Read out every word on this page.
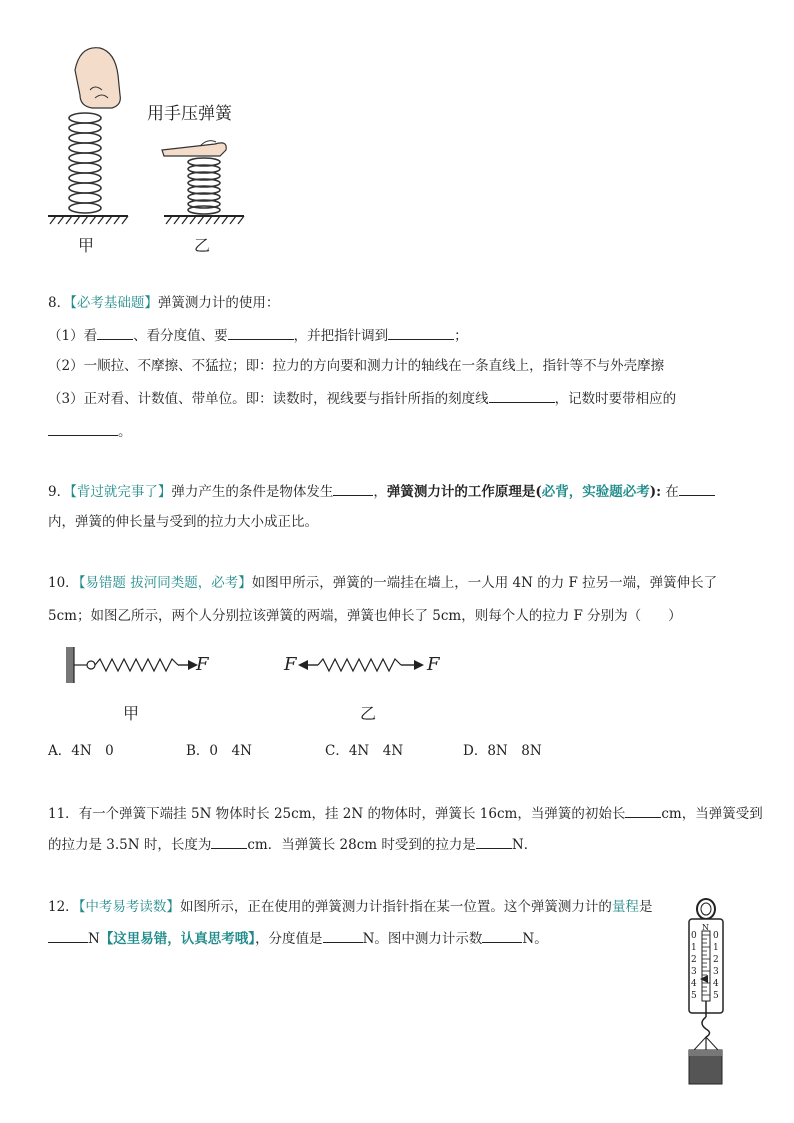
用手压弹簧
甲	乙
8．【必考基础题】弹簧测力计的使用：
（1）看	、看分度值、要	，并把指针调到	；
（2）一顺拉、不摩擦、不猛拉；即：拉力的方向要和测力计的轴线在一条直线上，指针等不与外壳摩擦
（3）正对看、计数值、带单位。即：读数时，视线要与指针所指的刻度线	，记数时要带相应的
。
9．【背过就完事了】弹力产生的条件是物体发生	，弹簧测力计的工作原理是(必背，实验题必考): 在
内，弹簧的伸长量与受到的拉力大小成正比。
10．【易错题 拔河同类题，必考】如图甲所示，弹簧的一端挂在墙上，一人用 4N 的力 F 拉另一端，弹簧伸长了
5cm；如图乙所示，两个人分别拉该弹簧的两端，弹簧也伸长了 5cm，则每个人的拉力 F 分别为（　　）
F	F	F
甲	乙
A．4N　0	B．0　4N	C．4N　4N	D．8N　8N
11．有一个弹簧下端挂 5N 物体时长 25cm，挂 2N 的物体时，弹簧长 16cm，当弹簧的初始长	cm，当弹簧受到
的拉力是 3.5N 时，长度为	cm．当弹簧长 28cm 时受到的拉力是	N．
12．【中考易考读数】如图所示，正在使用的弹簧测力计指针指在某一位置。这个弹簧测力计的量程是
N【这里易错，认真思考哦】，分度值是	N。图中测力计示数	N。
N
0
1
2
3
4
5
0
1
2
3
4
5
